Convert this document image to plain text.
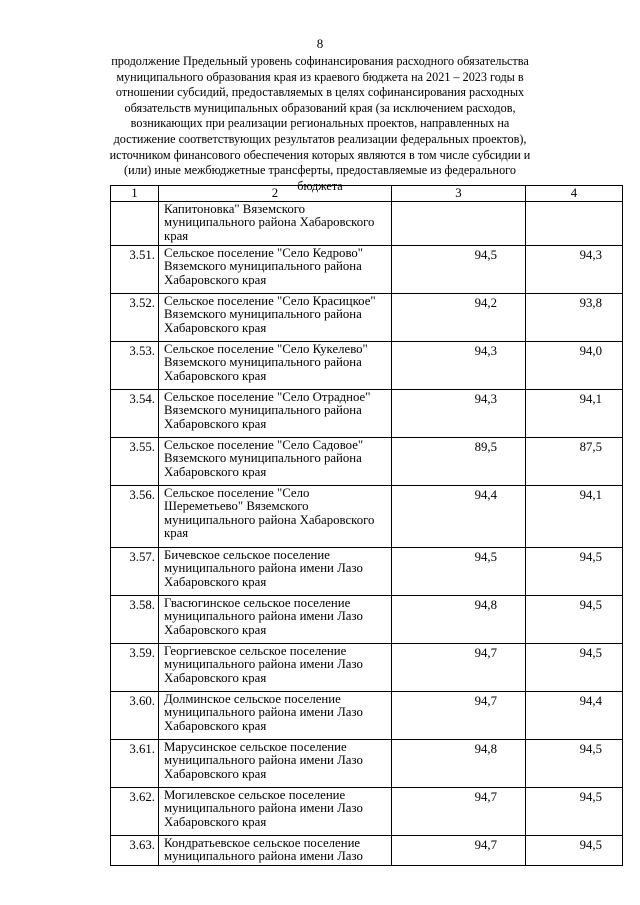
8
продолжение Предельный уровень софинансирования расходного обязательства муниципального образования края из краевого бюджета на 2021 – 2023 годы в отношении субсидий, предоставляемых в целях софинансирования расходных обязательств муниципальных образований края (за исключением расходов, возникающих при реализации региональных проектов, направленных на достижение соответствующих результатов реализации федеральных проектов), источником финансового обеспечения которых являются в том числе субсидии и (или) иные межбюджетные трансферты, предоставляемые из федерального бюджета
1	2	3	4
	Капитоновка" Вяземского муниципального района Хабаровского края		
3.51.	Сельское поселение "Село Кедрово" Вяземского муниципального района Хабаровского края	94,5	94,3
3.52.	Сельское поселение "Село Красицкое" Вяземского муниципального района Хабаровского края	94,2	93,8
3.53.	Сельское поселение "Село Кукелево" Вяземского муниципального района Хабаровского края	94,3	94,0
3.54.	Сельское поселение "Село Отрадное" Вяземского муниципального района Хабаровского края	94,3	94,1
3.55.	Сельское поселение "Село Садовое" Вяземского муниципального района Хабаровского края	89,5	87,5
3.56.	Сельское поселение "Село Шереметьево" Вяземского муниципального района Хабаровского края	94,4	94,1
3.57.	Бичевское сельское поселение муниципального района имени Лазо Хабаровского края	94,5	94,5
3.58.	Гвасюгинское сельское поселение муниципального района имени Лазо Хабаровского края	94,8	94,5
3.59.	Георгиевское сельское поселение муниципального района имени Лазо Хабаровского края	94,7	94,5
3.60.	Долминское сельское поселение муниципального района имени Лазо Хабаровского края	94,7	94,4
3.61.	Марусинское сельское поселение муниципального района имени Лазо Хабаровского края	94,8	94,5
3.62.	Могилевское сельское поселение муниципального района имени Лазо Хабаровского края	94,7	94,5
3.63.	Кондратьевское сельское поселение муниципального района имени Лазо	94,7	94,5
